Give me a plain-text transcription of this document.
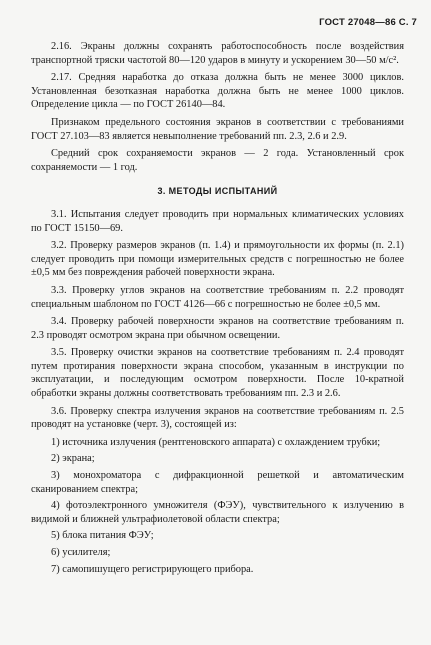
ГОСТ 27048—86 С. 7

2.16. Экраны должны сохранять работоспособность после воздействия транспортной тряски частотой 80—120 ударов в минуту и ускорением 30—50 м/с².

2.17. Средняя наработка до отказа должна быть не менее 3000 циклов. Установленная безотказная наработка должна быть не менее 1000 циклов. Определение цикла — по ГОСТ 26140—84.

Признаком предельного состояния экранов в соответствии с требованиями ГОСТ 27.103—83 является невыполнение требований пп. 2.3, 2.6 и 2.9.

Средний срок сохраняемости экранов — 2 года. Установленный срок сохраняемости — 1 год.

3. МЕТОДЫ ИСПЫТАНИЙ

3.1. Испытания следует проводить при нормальных климатических условиях по ГОСТ 15150—69.

3.2. Проверку размеров экранов (п. 1.4) и прямоугольности их формы (п. 2.1) следует проводить при помощи измерительных средств с погрешностью не более ±0,5 мм без повреждения рабочей поверхности экрана.

3.3. Проверку углов экранов на соответствие требованиям п. 2.2 проводят специальным шаблоном по ГОСТ 4126—66 с погрешностью не более ±0,5 мм.

3.4. Проверку рабочей поверхности экранов на соответствие требованиям п. 2.3 проводят осмотром экрана при обычном освещении.

3.5. Проверку очистки экранов на соответствие требованиям п. 2.4 проводят путем протирания поверхности экрана способом, указанным в инструкции по эксплуатации, и последующим осмотром поверхности. После 10-кратной обработки экраны должны соответствовать требованиям пп. 2.3 и 2.6.

3.6. Проверку спектра излучения экранов на соответствие требованиям п. 2.5 проводят на установке (черт. 3), состоящей из:

1) источника излучения (рентгеновского аппарата) с охлаждением трубки;

2) экрана;

3) монохроматора с дифракционной решеткой и автоматическим сканированием спектра;

4) фотоэлектронного умножителя (ФЭУ), чувствительного к излучению в видимой и ближней ультрафиолетовой области спектра;

5) блока питания ФЭУ;

6) усилителя;

7) самопишущего регистрирующего прибора.
